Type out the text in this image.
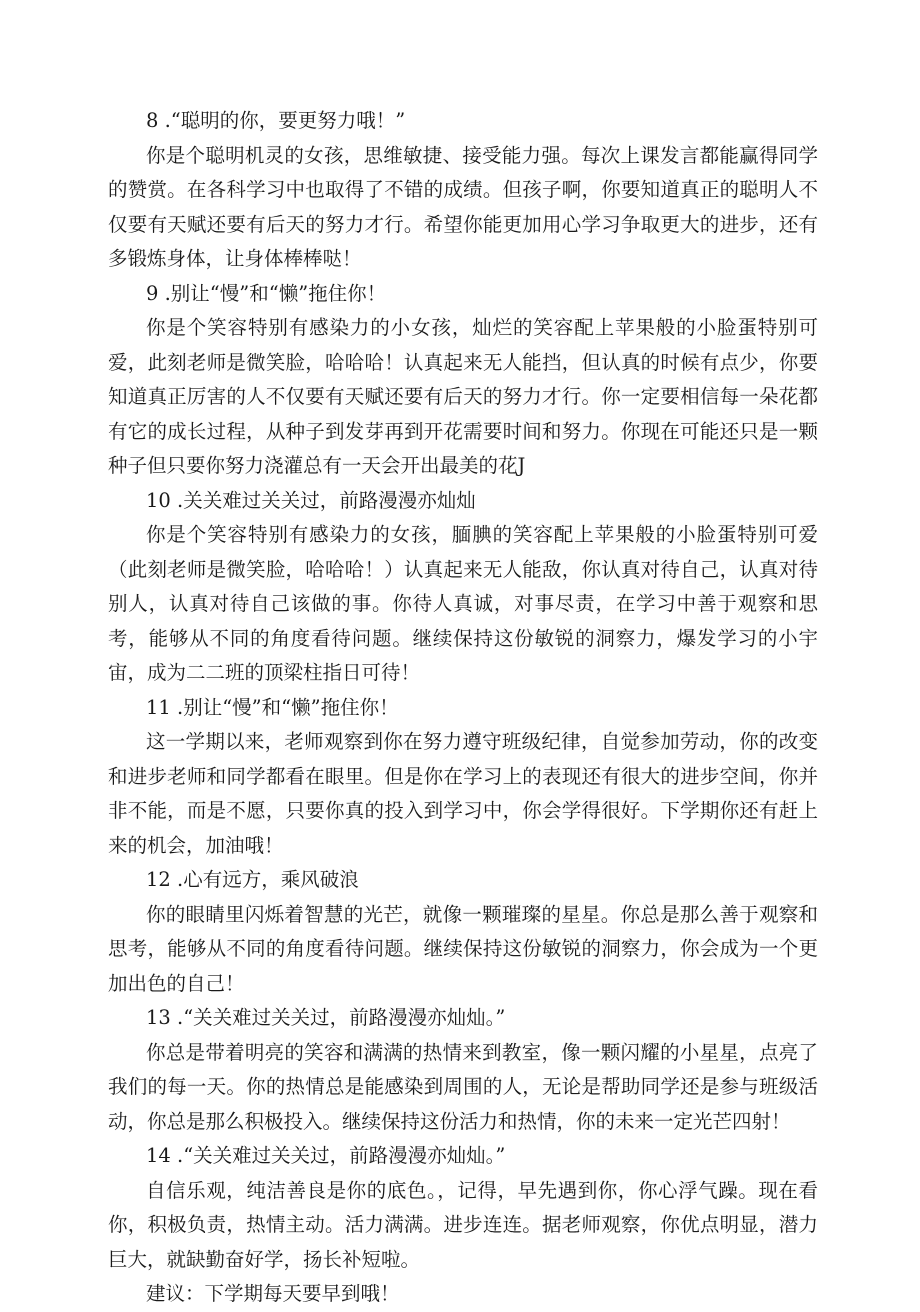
8 .“聪明的你，要更努力哦！”

你是个聪明机灵的女孩，思维敏捷、接受能力强。每次上课发言都能赢得同学的赞赏。在各科学习中也取得了不错的成绩。但孩子啊，你要知道真正的聪明人不仅要有天赋还要有后天的努力才行。希望你能更加用心学习争取更大的进步，还有多锻炼身体，让身体棒棒哒！

9 .别让“慢”和“懒”拖住你！

你是个笑容特别有感染力的小女孩，灿烂的笑容配上苹果般的小脸蛋特别可爱，此刻老师是微笑脸，哈哈哈！认真起来无人能挡，但认真的时候有点少，你要知道真正厉害的人不仅要有天赋还要有后天的努力才行。你一定要相信每一朵花都有它的成长过程，从种子到发芽再到开花需要时间和努力。你现在可能还只是一颗种子但只要你努力浇灌总有一天会开出最美的花J

10 .关关难过关关过，前路漫漫亦灿灿

你是个笑容特别有感染力的女孩，腼腆的笑容配上苹果般的小脸蛋特别可爱（此刻老师是微笑脸，哈哈哈！）认真起来无人能敌，你认真对待自己，认真对待别人，认真对待自己该做的事。你待人真诚，对事尽责，在学习中善于观察和思考，能够从不同的角度看待问题。继续保持这份敏锐的洞察力，爆发学习的小宇宙，成为二二班的顶梁柱指日可待！

11 .别让“慢”和“懒”拖住你！

这一学期以来，老师观察到你在努力遵守班级纪律，自觉参加劳动，你的改变和进步老师和同学都看在眼里。但是你在学习上的表现还有很大的进步空间，你并非不能，而是不愿，只要你真的投入到学习中，你会学得很好。下学期你还有赶上来的机会，加油哦！

12 .心有远方，乘风破浪

你的眼睛里闪烁着智慧的光芒，就像一颗璀璨的星星。你总是那么善于观察和思考，能够从不同的角度看待问题。继续保持这份敏锐的洞察力，你会成为一个更加出色的自己！

13 .“关关难过关关过，前路漫漫亦灿灿。”

你总是带着明亮的笑容和满满的热情来到教室，像一颗闪耀的小星星，点亮了我们的每一天。你的热情总是能感染到周围的人，无论是帮助同学还是参与班级活动，你总是那么积极投入。继续保持这份活力和热情，你的未来一定光芒四射！

14 .“关关难过关关过，前路漫漫亦灿灿。”

自信乐观，纯洁善良是你的底色。，记得，早先遇到你，你心浮气躁。现在看你，积极负责，热情主动。活力满满。进步连连。据老师观察，你优点明显，潜力巨大，就缺勤奋好学，扬长补短啦。

建议：下学期每天要早到哦！
